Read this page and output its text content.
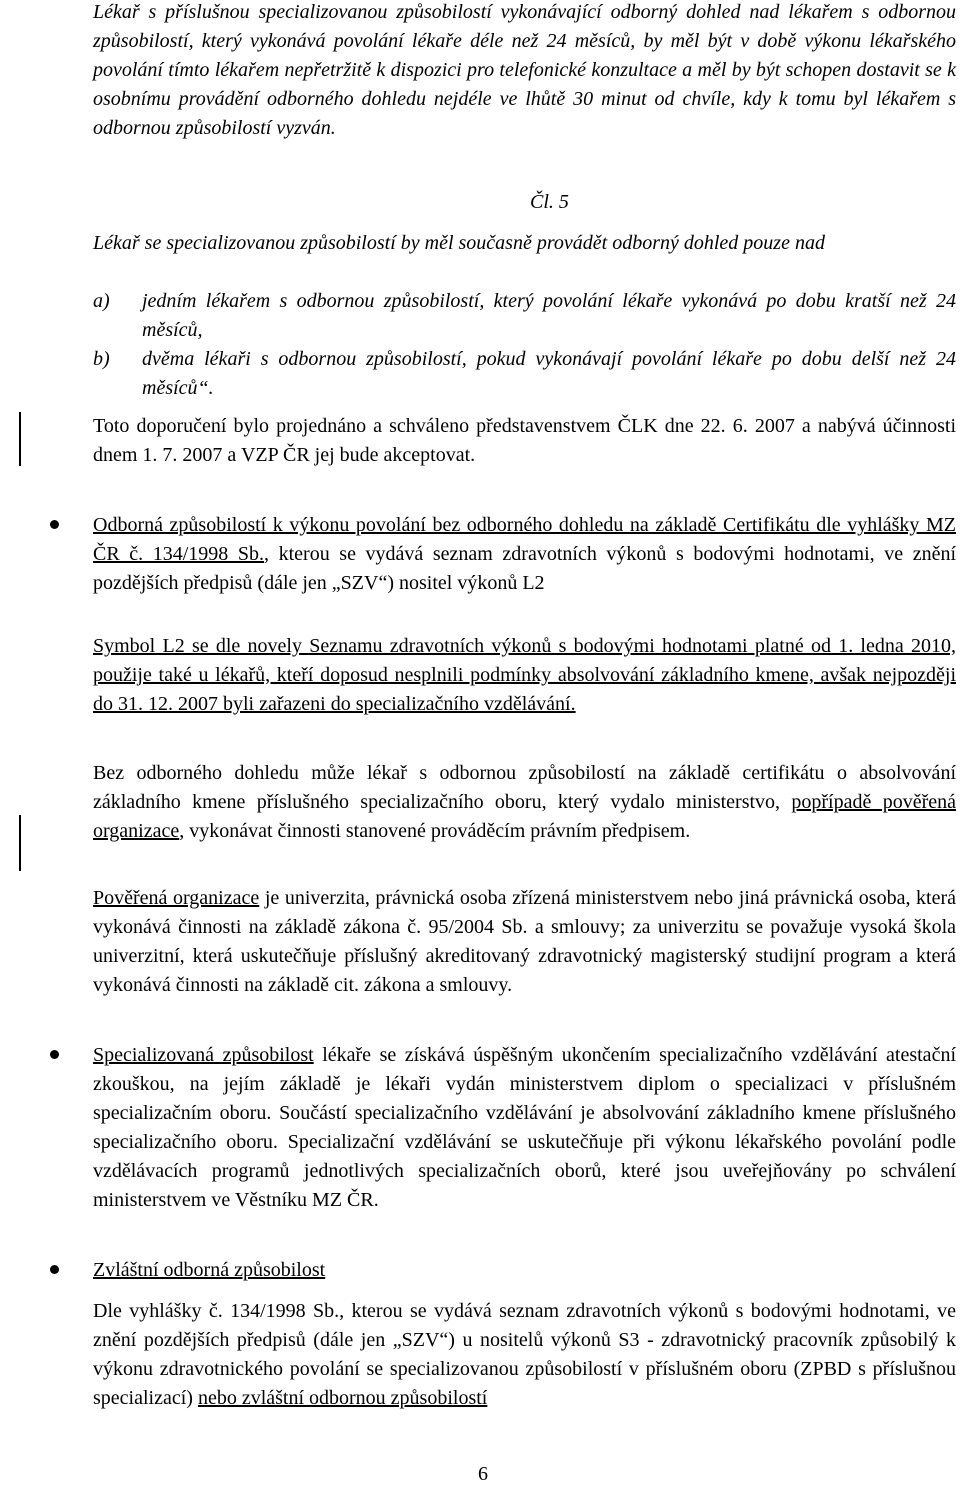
Lékař s příslušnou specializovanou způsobilostí vykonávající odborný dohled nad lékařem s odbornou způsobilostí, který vykonává povolání lékaře déle než 24 měsíců, by měl být v době výkonu lékařského povolání tímto lékařem nepřetržitě k dispozici pro telefonické konzultace a měl by být schopen dostavit se k osobnímu provádění odborného dohledu nejdéle ve lhůtě 30 minut od chvíle, kdy k tomu byl lékařem s odbornou způsobilostí vyzván.

Čl. 5

Lékař se specializovanou způsobilostí by měl současně provádět odborný dohled pouze nad

a) jedním lékařem s odbornou způsobilostí, který povolání lékaře vykonává po dobu kratší než 24 měsíců,
b) dvěma lékaři s odbornou způsobilostí, pokud vykonávají povolání lékaře po dobu delší než 24 měsíců“.

Toto doporučení bylo projednáno a schváleno představenstvem ČLK dne 22. 6. 2007 a nabývá účinnosti dnem 1. 7. 2007 a VZP ČR jej bude akceptovat.

Odborná způsobilostí k výkonu povolání bez odborného dohledu na základě Certifikátu dle vyhlášky MZ ČR č. 134/1998 Sb., kterou se vydává seznam zdravotních výkonů s bodovými hodnotami, ve znění pozdějších předpisů (dále jen „SZV“) nositel výkonů L2

Symbol L2 se dle novely Seznamu zdravotních výkonů s bodovými hodnotami platné od 1. ledna 2010, použije také u lékařů, kteří doposud nesplnili podmínky absolvování základního kmene, avšak nejpozději do 31. 12. 2007 byli zařazeni do specializačního vzdělávání.

Bez odborného dohledu může lékař s odbornou způsobilostí na základě certifikátu o absolvování základního kmene příslušného specializačního oboru, který vydalo ministerstvo, popřípadě pověřená organizace, vykonávat činnosti stanovené prováděcím právním předpisem.

Pověřená organizace je univerzita, právnická osoba zřízená ministerstvem nebo jiná právnická osoba, která vykonává činnosti na základě zákona č. 95/2004 Sb. a smlouvy; za univerzitu se považuje vysoká škola univerzitní, která uskutečňuje příslušný akreditovaný zdravotnický magisterský studijní program a která vykonává činnosti na základě cit. zákona a smlouvy.

Specializovaná způsobilost lékaře se získává úspěšným ukončením specializačního vzdělávání atestační zkouškou, na jejím základě je lékaři vydán ministerstvem diplom o specializaci v příslušném specializačním oboru. Součástí specializačního vzdělávání je absolvování základního kmene příslušného specializačního oboru. Specializační vzdělávání se uskutečňuje při výkonu lékařského povolání podle vzdělávacích programů jednotlivých specializačních oborů, které jsou uveřejňovány po schválení ministerstvem ve Věstníku MZ ČR.

Zvláštní odborná způsobilost

Dle vyhlášky č. 134/1998 Sb., kterou se vydává seznam zdravotních výkonů s bodovými hodnotami, ve znění pozdějších předpisů (dále jen „SZV“) u nositelů výkonů S3 - zdravotnický pracovník způsobilý k výkonu zdravotnického povolání se specializovanou způsobilostí v příslušném oboru (ZPBD s příslušnou specializací) nebo zvláštní odbornou způsobilostí

6
